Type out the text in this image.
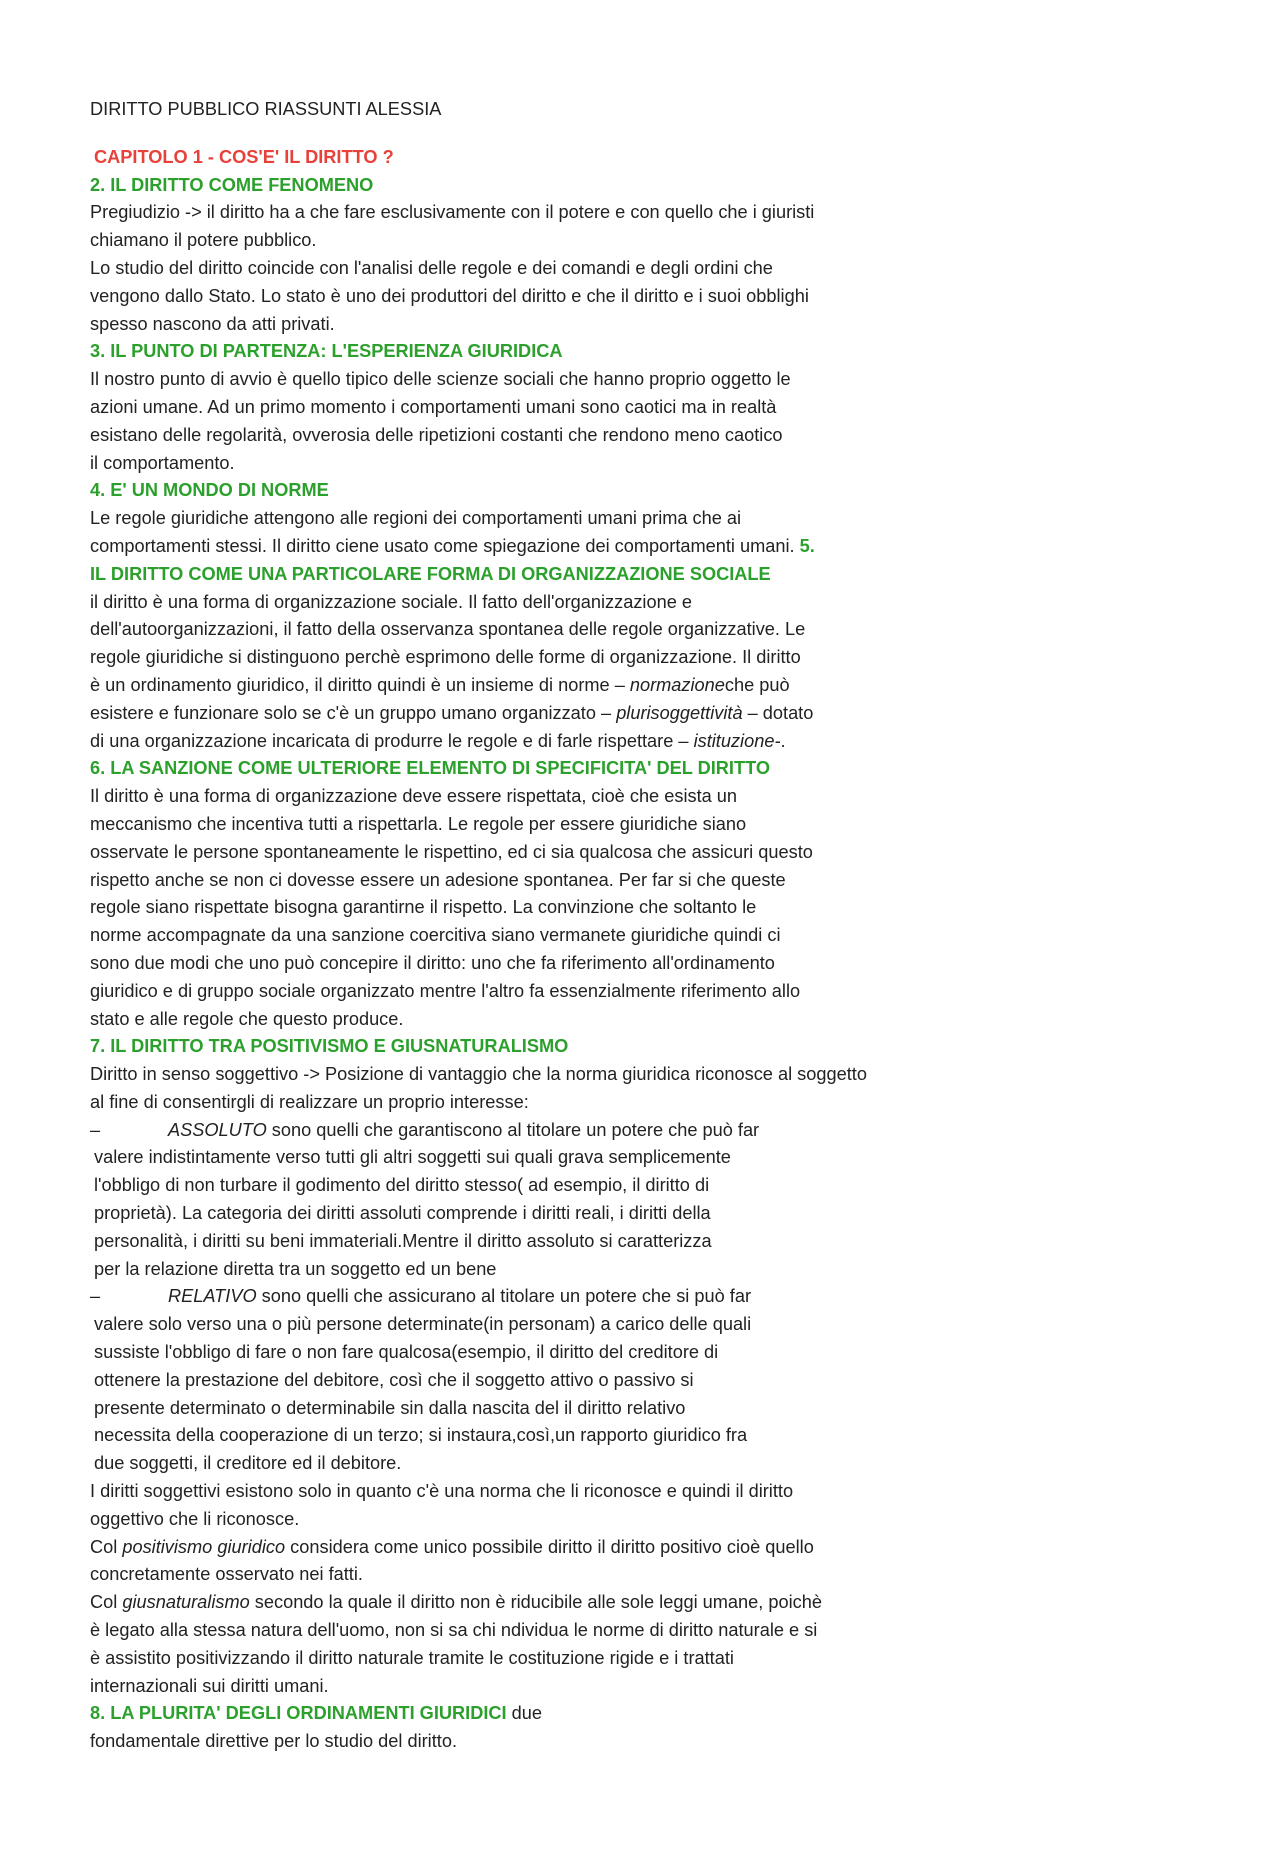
DIRITTO PUBBLICO RIASSUNTI ALESSIA
CAPITOLO 1 - COS'E' IL DIRITTO ?
2. IL DIRITTO COME FENOMENO
Pregiudizio -> il diritto ha a che fare esclusivamente con il potere e con quello che i giuristi
chiamano il potere pubblico.
Lo studio del diritto coincide con l'analisi delle regole e dei comandi e degli ordini che
vengono dallo Stato. Lo stato è uno dei produttori del diritto e che il diritto e i suoi obblighi
spesso nascono da atti privati.
3. IL PUNTO DI PARTENZA: L'ESPERIENZA GIURIDICA
Il nostro punto di avvio è quello tipico delle scienze sociali che hanno proprio oggetto le
azioni umane. Ad un primo momento i comportamenti umani sono caotici ma in realtà
esistano delle regolarità, ovverosia delle ripetizioni costanti che rendono meno caotico
il comportamento.
4. E' UN MONDO DI NORME
Le regole giuridiche attengono alle regioni dei comportamenti umani prima che ai
comportamenti stessi. Il diritto ciene usato come spiegazione dei comportamenti umani. 5.
IL DIRITTO COME UNA PARTICOLARE FORMA DI ORGANIZZAZIONE SOCIALE
il diritto è una forma di organizzazione sociale. Il fatto dell'organizzazione e
dell'autoorganizzazioni, il fatto della osservanza spontanea delle regole organizzative. Le
regole giuridiche si distinguono perchè esprimono delle forme di organizzazione. Il diritto
è un ordinamento giuridico, il diritto quindi è un insieme di norme – normazioneche può
esistere e funzionare solo se c'è un gruppo umano organizzato – plurisoggettività – dotato
di una organizzazione incaricata di produrre le regole e di farle rispettare – istituzione-.
6. LA SANZIONE COME ULTERIORE ELEMENTO DI SPECIFICITA' DEL DIRITTO
Il diritto è una forma di organizzazione deve essere rispettata, cioè che esista un
meccanismo che incentiva tutti a rispettarla. Le regole per essere giuridiche siano
osservate le persone spontaneamente le rispettino, ed ci sia qualcosa che assicuri questo
rispetto anche se non ci dovesse essere un adesione spontanea. Per far si che queste
regole siano rispettate bisogna garantirne il rispetto. La convinzione che soltanto le
norme accompagnate da una sanzione coercitiva siano vermanete giuridiche quindi ci
sono due modi che uno può concepire il diritto: uno che fa riferimento all'ordinamento
giuridico e di gruppo sociale organizzato mentre l'altro fa essenzialmente riferimento allo
stato e alle regole che questo produce.
7. IL DIRITTO TRA POSITIVISMO E GIUSNATURALISMO
Diritto in senso soggettivo -> Posizione di vantaggio che la norma giuridica riconosce al soggetto
al fine di consentirgli di realizzare un proprio interesse:
–	ASSOLUTO sono quelli che garantiscono al titolare un potere che può far
valere indistintamente verso tutti gli altri soggetti sui quali grava semplicemente
l'obbligo di non turbare il godimento del diritto stesso( ad esempio, il diritto di
proprietà). La categoria dei diritti assoluti comprende i diritti reali, i diritti della
personalità, i diritti su beni immateriali.Mentre il diritto assoluto si caratterizza
per la relazione diretta tra un soggetto ed un bene
–	RELATIVO sono quelli che assicurano al titolare un potere che si può far
valere solo verso una o più persone determinate(in personam) a carico delle quali
sussiste l'obbligo di fare o non fare qualcosa(esempio, il diritto del creditore di
ottenere la prestazione del debitore, così che il soggetto attivo o passivo si
presente determinato o determinabile sin dalla nascita del il diritto relativo
necessita della cooperazione di un terzo; si instaura,così,un rapporto giuridico fra
due soggetti, il creditore ed il debitore.
I diritti soggettivi esistono solo in quanto c'è una norma che li riconosce e quindi il diritto
oggettivo che li riconosce.
Col positivismo giuridico considera come unico possibile diritto il diritto positivo cioè quello
concretamente osservato nei fatti.
Col giusnaturalismo secondo la quale il diritto non è riducibile alle sole leggi umane, poichè
è legato alla stessa natura dell'uomo, non si sa chi ndividua le norme di diritto naturale e si
è assistito positivizzando il diritto naturale tramite le costituzione rigide e i trattati
internazionali sui diritti umani.
8. LA PLURITA' DEGLI ORDINAMENTI GIURIDICI due
fondamentale direttive per lo studio del diritto.
